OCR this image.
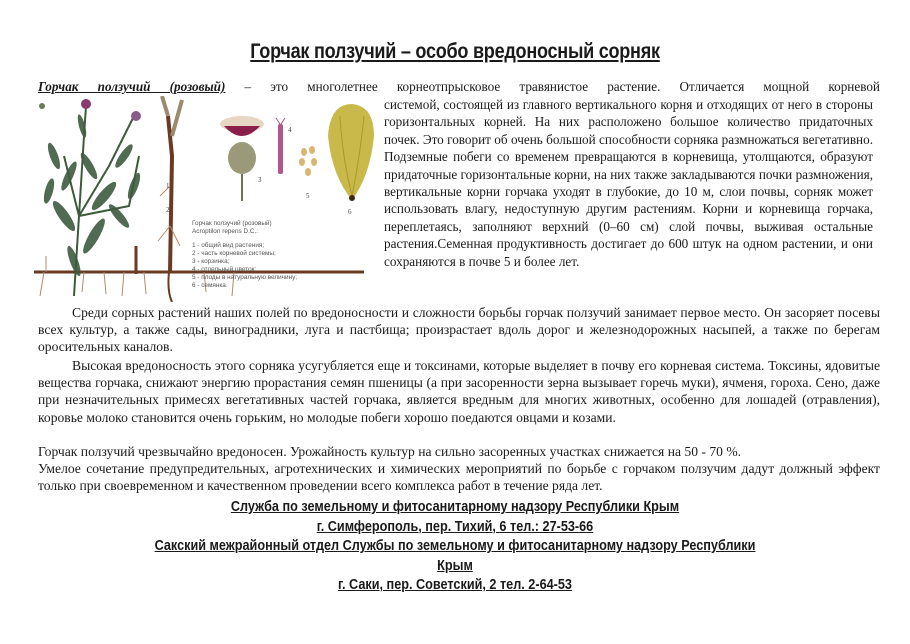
Горчак ползучий – особо вредоносный сорняк
Горчак ползучий (розовый) – это многолетнее корнеотпрысковое травянистое растение. Отличается мощной корневой
1
2
3
4
5
6
Горчак ползучий (розовый)
Acroptilon repens D.C.:
1 - общий вид растения;
2 - часть корневой системы;
3 - корзинка;
4 - отдельный цветок;
5 - плоды в натуральную величину;
6 - семянка.
системой, состоящей из главного вертикального корня и отходящих от него в стороны горизонтальных корней. На них расположено большое количество придаточных почек. Это говорит об очень большой способности сорняка размножаться вегетативно. Подземные побеги со временем превращаются в корневища, утолщаются, образуют придаточные горизонтальные корни, на них также закладываются почки размножения, вертикальные корни горчака уходят в глубокие, до 10 м, слои почвы, сорняк может использовать влагу, недоступную другим растениям. Корни и корневища горчака, переплетаясь, заполняют верхний (0–60 см) слой почвы, выживая остальные растения.Семенная продуктивность достигает до 600 штук на одном растении, и они сохраняются в почве 5 и более лет.
Среди сорных растений наших полей по вредоносности и сложности борьбы горчак ползучий занимает первое место. Он засоряет посевы всех культур, а также сады, виноградники, луга и пастбища; произрастает вдоль дорог и железнодорожных насыпей, а также по берегам оросительных каналов.
Высокая вредоносность этого сорняка усугубляется еще и токсинами, которые выделяет в почву его корневая система. Токсины, ядовитые вещества горчака, снижают энергию прорастания семян пшеницы (а при засоренности зерна вызывает горечь муки), ячменя, гороха. Сено, даже при незначительных примесях вегетативных частей горчака, является вредным для многих животных, особенно для лошадей (отравления), коровье молоко становится очень горьким, но молодые побеги хорошо поедаются овцами и козами.
Горчак ползучий чрезвычайно вредоносен. Урожайность культур на сильно засоренных участках снижается на 50 - 70 %.
Умелое сочетание предупредительных, агротехнических и химических мероприятий по борьбе с горчаком ползучим дадут должный эффект только при своевременном и качественном проведении всего комплекса работ в течение ряда лет.
Служба по земельному и фитосанитарному надзору Республики Крым
г. Симферополь, пер. Тихий, 6 тел.: 27-53-66
Сакский межрайонный отдел Службы по земельному и фитосанитарному надзору Республики
Крым
г. Саки, пер. Советский, 2 тел. 2-64-53
